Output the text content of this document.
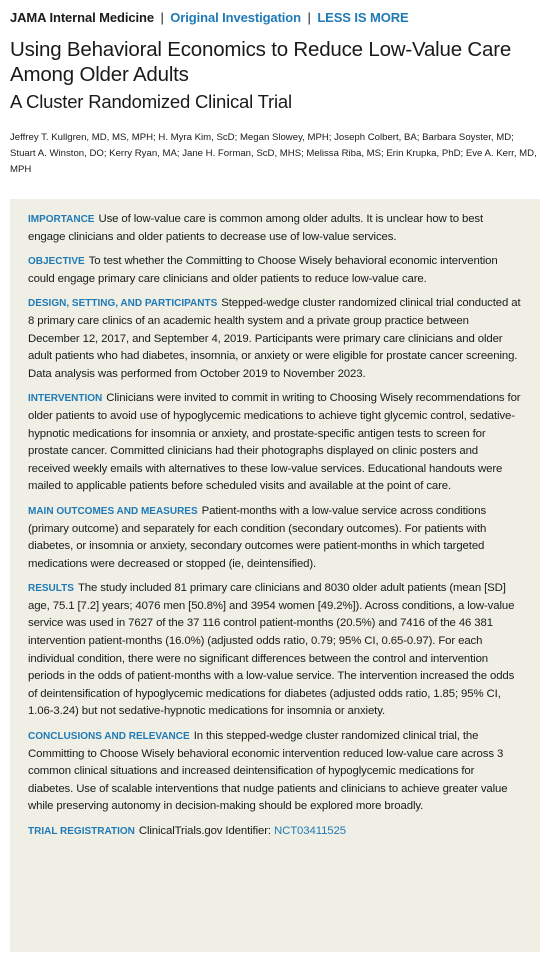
JAMA Internal Medicine | Original Investigation | LESS IS MORE
Using Behavioral Economics to Reduce Low-Value Care Among Older Adults
A Cluster Randomized Clinical Trial
Jeffrey T. Kullgren, MD, MS, MPH; H. Myra Kim, ScD; Megan Slowey, MPH; Joseph Colbert, BA; Barbara Soyster, MD; Stuart A. Winston, DO; Kerry Ryan, MA; Jane H. Forman, ScD, MHS; Melissa Riba, MS; Erin Krupka, PhD; Eve A. Kerr, MD, MPH

IMPORTANCE Use of low-value care is common among older adults. It is unclear how to best engage clinicians and older patients to decrease use of low-value services.

OBJECTIVE To test whether the Committing to Choose Wisely behavioral economic intervention could engage primary care clinicians and older patients to reduce low-value care.

DESIGN, SETTING, AND PARTICIPANTS Stepped-wedge cluster randomized clinical trial conducted at 8 primary care clinics of an academic health system and a private group practice between December 12, 2017, and September 4, 2019. Participants were primary care clinicians and older adult patients who had diabetes, insomnia, or anxiety or were eligible for prostate cancer screening. Data analysis was performed from October 2019 to November 2023.

INTERVENTION Clinicians were invited to commit in writing to Choosing Wisely recommendations for older patients to avoid use of hypoglycemic medications to achieve tight glycemic control, sedative-hypnotic medications for insomnia or anxiety, and prostate-specific antigen tests to screen for prostate cancer. Committed clinicians had their photographs displayed on clinic posters and received weekly emails with alternatives to these low-value services. Educational handouts were mailed to applicable patients before scheduled visits and available at the point of care.

MAIN OUTCOMES AND MEASURES Patient-months with a low-value service across conditions (primary outcome) and separately for each condition (secondary outcomes). For patients with diabetes, or insomnia or anxiety, secondary outcomes were patient-months in which targeted medications were decreased or stopped (ie, deintensified).

RESULTS The study included 81 primary care clinicians and 8030 older adult patients (mean [SD] age, 75.1 [7.2] years; 4076 men [50.8%] and 3954 women [49.2%]). Across conditions, a low-value service was used in 7627 of the 37 116 control patient-months (20.5%) and 7416 of the 46 381 intervention patient-months (16.0%) (adjusted odds ratio, 0.79; 95% CI, 0.65-0.97). For each individual condition, there were no significant differences between the control and intervention periods in the odds of patient-months with a low-value service. The intervention increased the odds of deintensification of hypoglycemic medications for diabetes (adjusted odds ratio, 1.85; 95% CI, 1.06-3.24) but not sedative-hypnotic medications for insomnia or anxiety.

CONCLUSIONS AND RELEVANCE In this stepped-wedge cluster randomized clinical trial, the Committing to Choose Wisely behavioral economic intervention reduced low-value care across 3 common clinical situations and increased deintensification of hypoglycemic medications for diabetes. Use of scalable interventions that nudge patients and clinicians to achieve greater value while preserving autonomy in decision-making should be explored more broadly.

TRIAL REGISTRATION ClinicalTrials.gov Identifier: NCT03411525
